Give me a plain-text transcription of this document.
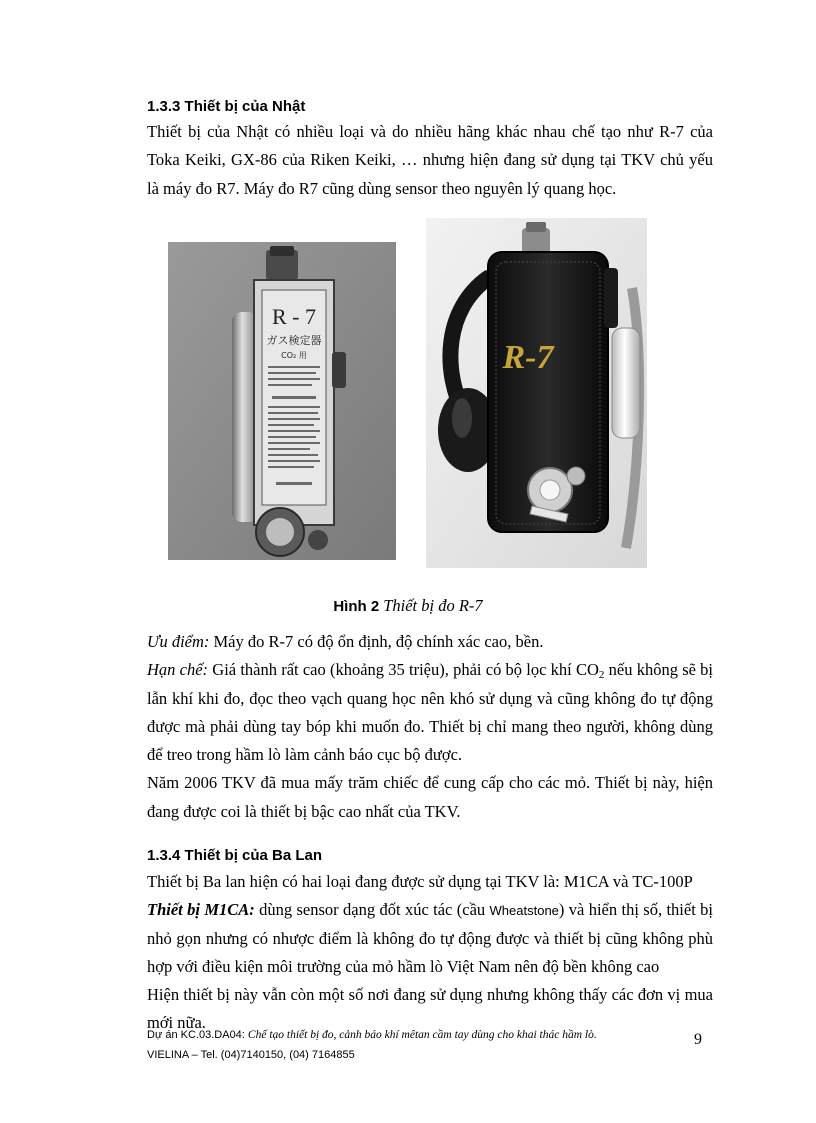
1.3.3 Thiết bị của Nhật
Thiết bị của Nhật có nhiều loại và do nhiều hãng khác nhau chế tạo như R-7 của
Toka Keiki, GX-86 của Riken Keiki, … nhưng hiện đang sử dụng tại TKV chủ yếu
là máy đo R7. Máy đo R7 cũng dùng sensor theo nguyên lý quang học.
R - 7
ガス検定器
CO₂ 用	R-7
Hình 2 Thiết bị đo R-7
Ưu điểm: Máy đo R-7 có độ ổn định, độ chính xác cao, bền.
Hạn chế: Giá thành rất cao (khoảng 35 triệu), phải có bộ lọc khí $CO_2$ nếu không sẽ bị
lẫn khí khi đo, đọc theo vạch quang học nên khó sử dụng và cũng không đo tự động
được mà phải dùng tay bóp khi muốn đo. Thiết bị chỉ mang theo người, không dùng
để treo trong hầm lò làm cảnh báo cục bộ được.
Năm 2006 TKV đã mua mấy trăm chiếc để cung cấp cho các mỏ. Thiết bị này, hiện
đang được coi là thiết bị bậc cao nhất của TKV.
1.3.4 Thiết bị của Ba Lan
Thiết bị Ba lan hiện có hai loại đang được sử dụng tại TKV là: M1CA và TC-100P
Thiết bị M1CA: dùng sensor dạng đốt xúc tác (cầu Wheatstone) và hiển thị số, thiết bị
nhỏ gọn nhưng có nhược điểm là không đo tự động được và thiết bị cũng không phù
hợp với điều kiện môi trường của mỏ hầm lò Việt Nam nên độ bền không cao
Hiện thiết bị này vẫn còn một số nơi đang sử dụng nhưng không thấy các đơn vị mua
mới nữa.
Dự án KC.03.DA04: Chế tạo thiết bị đo, cảnh báo khí mêtan cầm tay dùng cho khai thác hầm lò.
VIELINA – Tel. (04)7140150, (04) 7164855
9
